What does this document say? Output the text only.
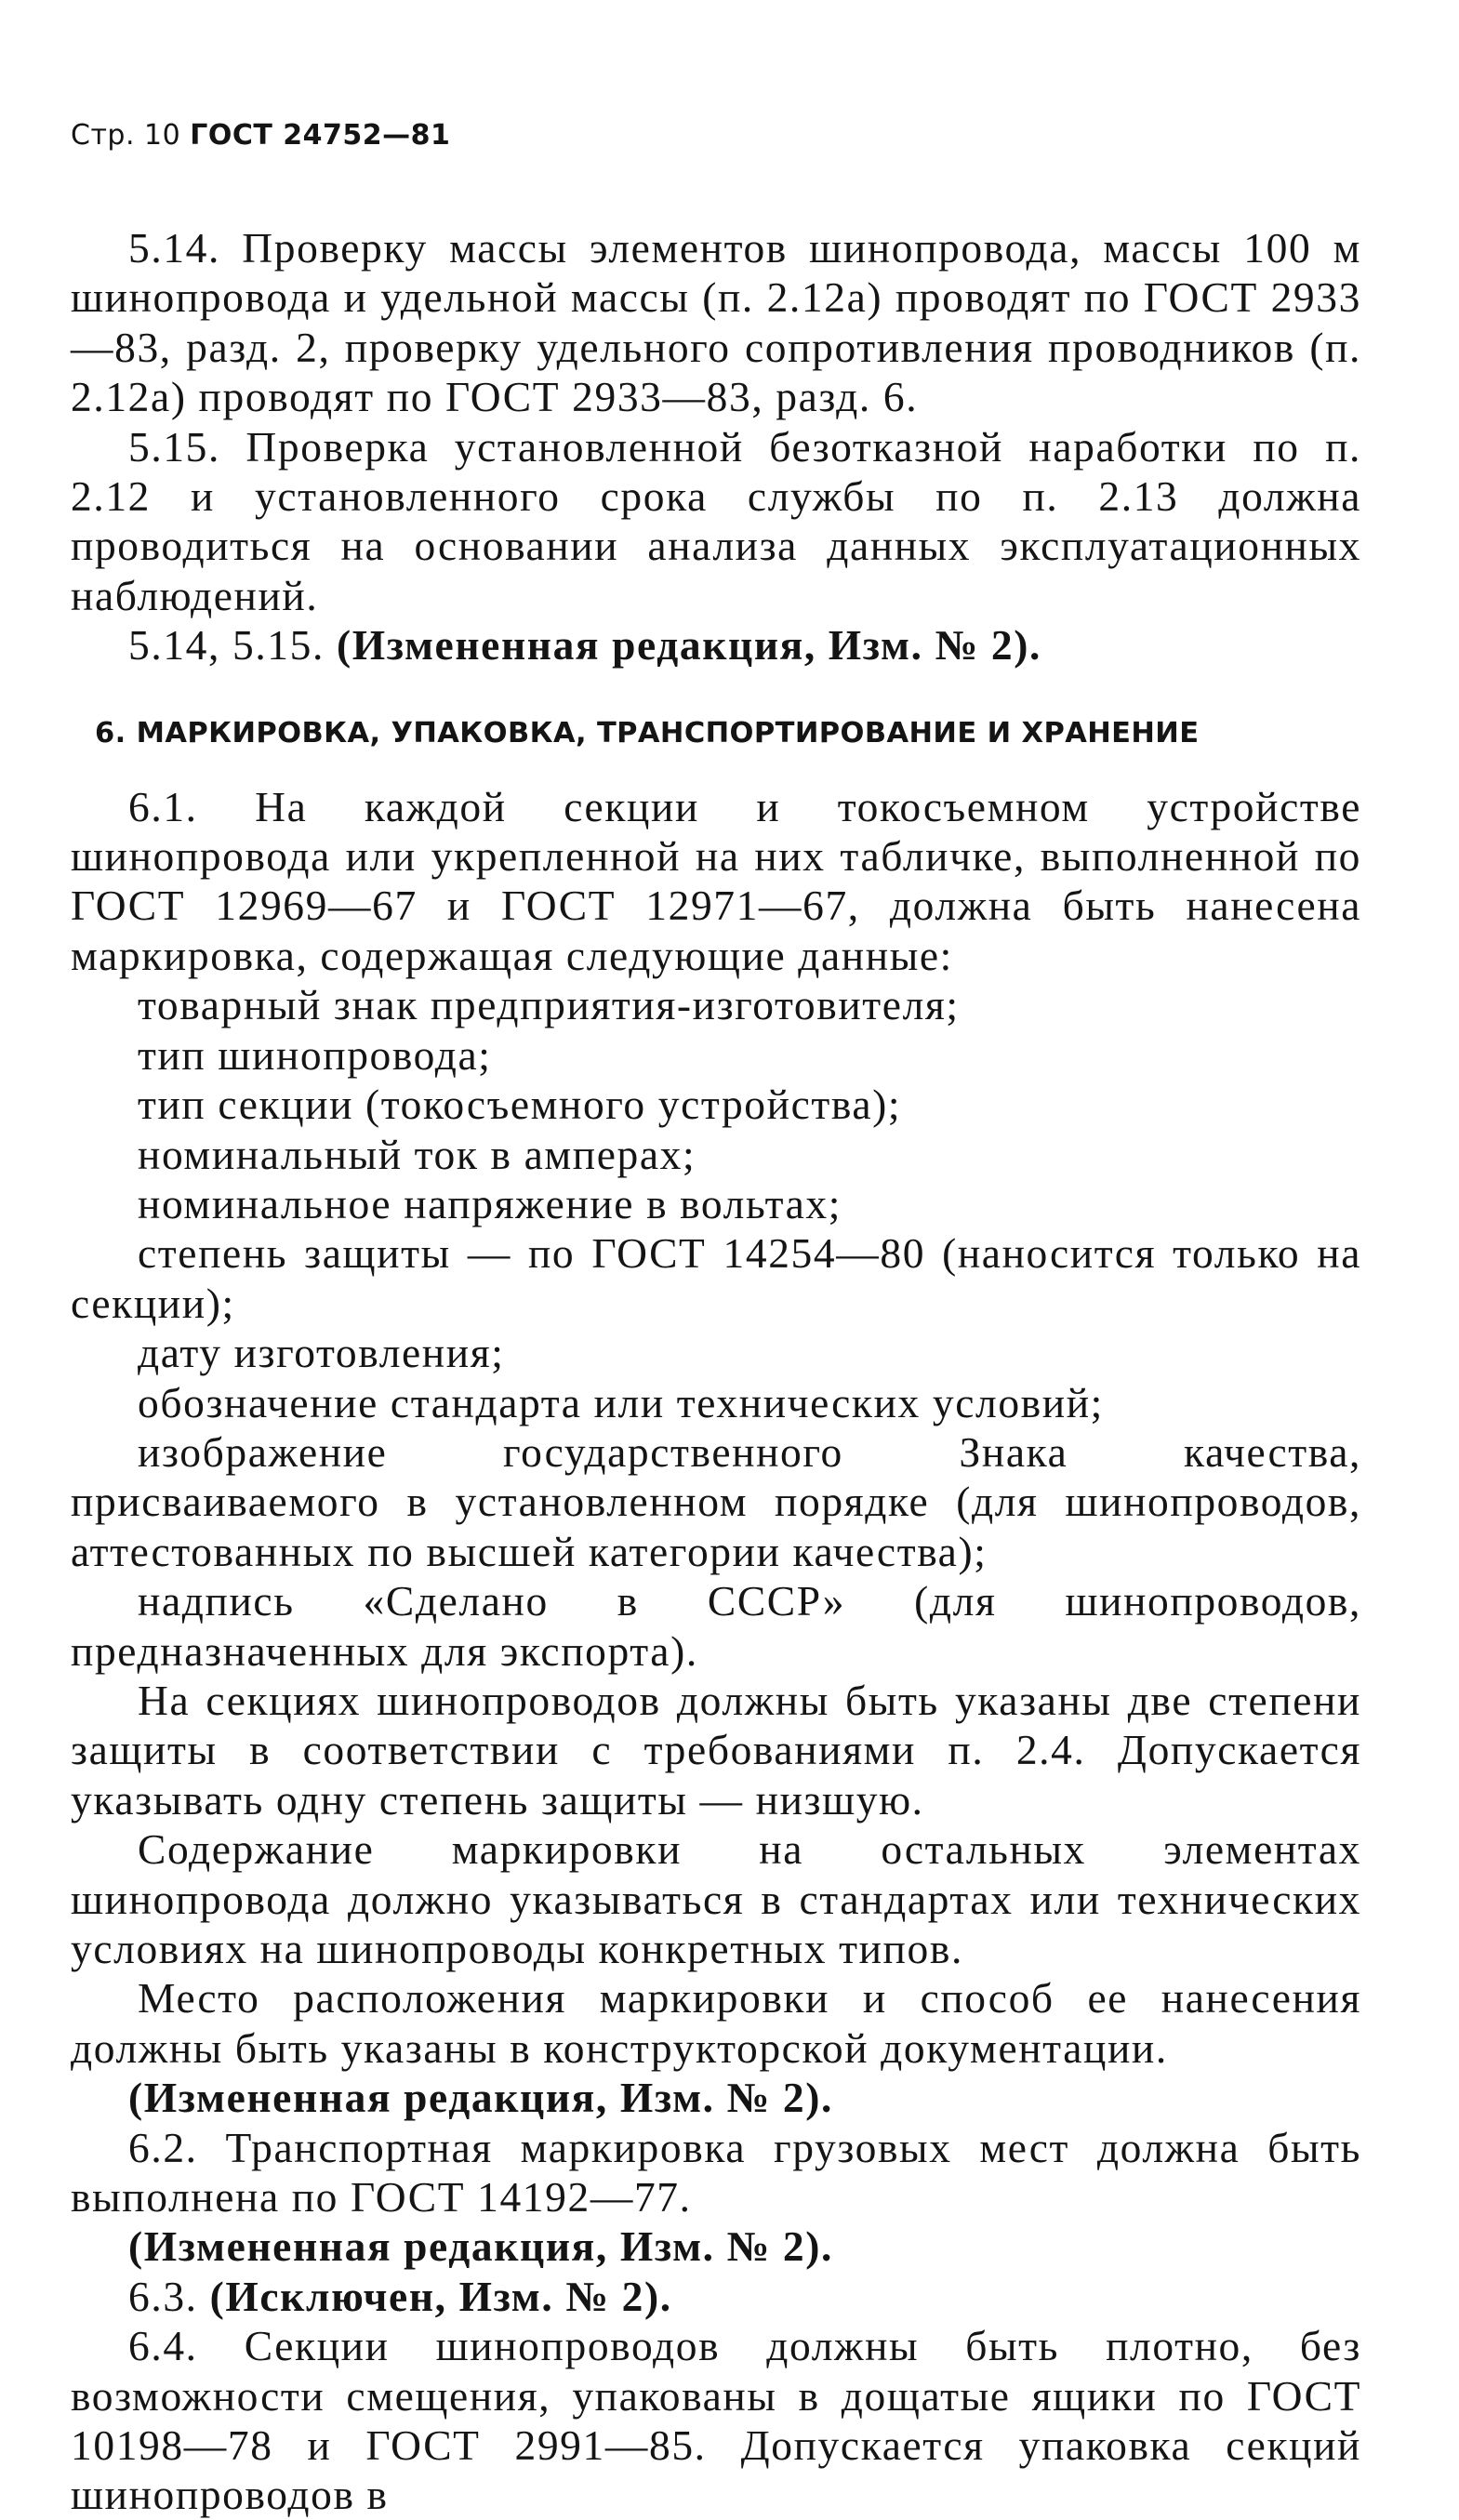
Стр. 10 ГОСТ 24752—81

5.14. Проверку массы элементов шинопровода, массы 100 м шинопровода и удельной массы (п. 2.12а) проводят по ГОСТ 2933—83, разд. 2, проверку удельного сопротивления проводников (п. 2.12а) проводят по ГОСТ 2933—83, разд. 6.

5.15. Проверка установленной безотказной наработки по п. 2.12 и установленного срока службы по п. 2.13 должна проводиться на основании анализа данных эксплуатационных наблюдений.

5.14, 5.15. (Измененная редакция, Изм. № 2).

6. МАРКИРОВКА, УПАКОВКА, ТРАНСПОРТИРОВАНИЕ И ХРАНЕНИЕ

6.1. На каждой секции и токосъемном устройстве шинопровода или укрепленной на них табличке, выполненной по ГОСТ 12969—67 и ГОСТ 12971—67, должна быть нанесена маркировка, содержащая следующие данные:

товарный знак предприятия-изготовителя;

тип шинопровода;

тип секции (токосъемного устройства);

номинальный ток в амперах;

номинальное напряжение в вольтах;

степень защиты — по ГОСТ 14254—80 (наносится только на секции);

дату изготовления;

обозначение стандарта или технических условий;

изображение государственного Знака качества, присваиваемого в установленном порядке (для шинопроводов, аттестованных по высшей категории качества);

надпись «Сделано в СССР» (для шинопроводов, предназначенных для экспорта).

На секциях шинопроводов должны быть указаны две степени защиты в соответствии с требованиями п. 2.4. Допускается указывать одну степень защиты — низшую.

Содержание маркировки на остальных элементах шинопровода должно указываться в стандартах или технических условиях на шинопроводы конкретных типов.

Место расположения маркировки и способ ее нанесения должны быть указаны в конструкторской документации.

(Измененная редакция, Изм. № 2).

6.2. Транспортная маркировка грузовых мест должна быть выполнена по ГОСТ 14192—77.

(Измененная редакция, Изм. № 2).

6.3. (Исключен, Изм. № 2).

6.4. Секции шинопроводов должны быть плотно, без возможности смещения, упакованы в дощатые ящики по ГОСТ 10198—78 и ГОСТ 2991—85. Допускается упаковка секций шинопроводов в
